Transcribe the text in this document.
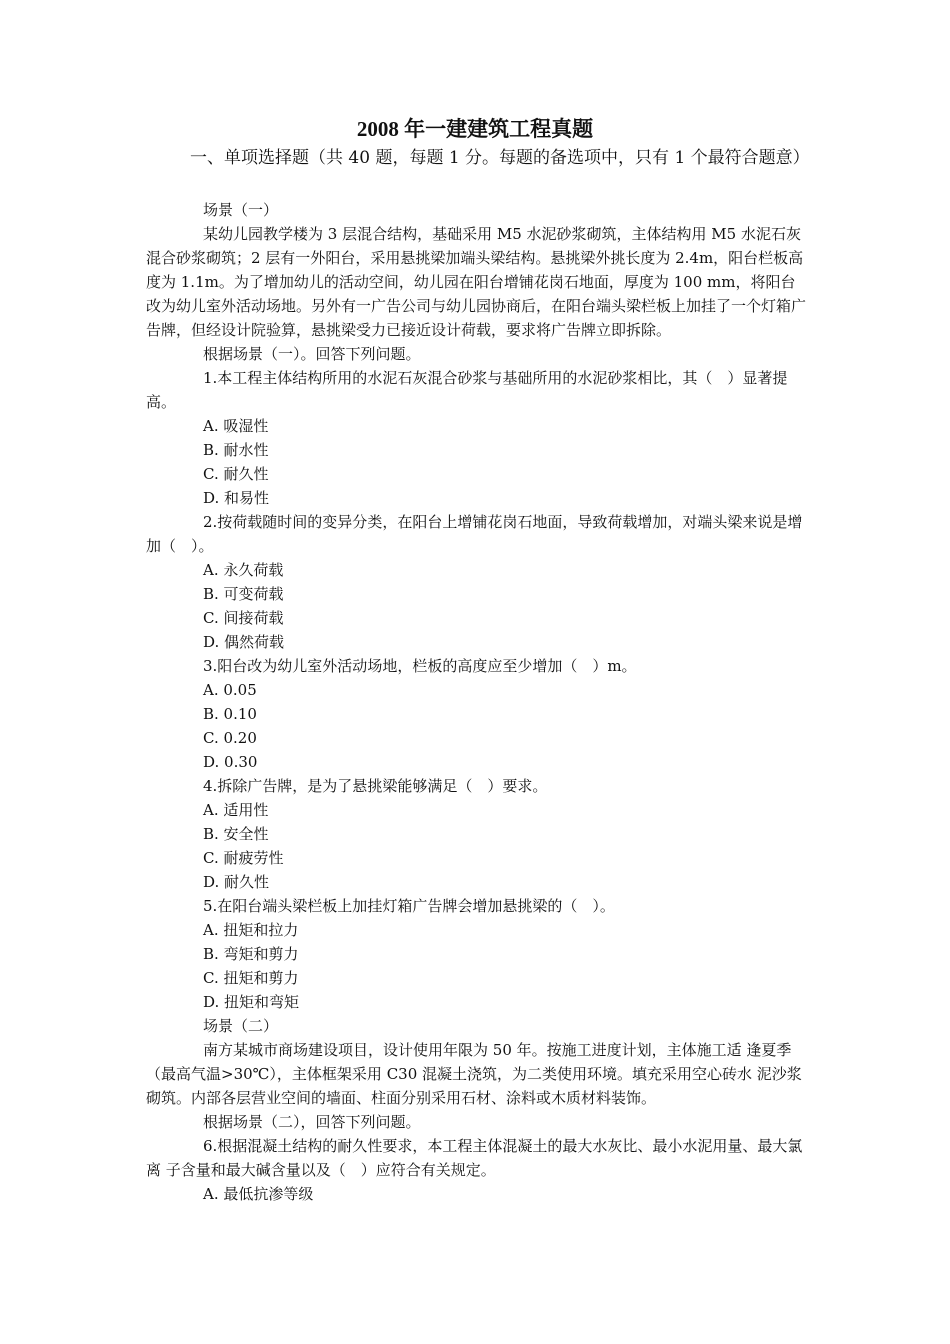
2008 年一建建筑工程真题
一、单项选择题（共 40 题，每题 1 分。每题的备选项中，只有 1 个最符合题意）

场景（一）

某幼儿园教学楼为 3 层混合结构，基础采用 M5 水泥砂浆砌筑，主体结构用 M5 水泥石灰混合砂浆砌筑；2 层有一外阳台，采用悬挑梁加端头梁结构。悬挑梁外挑长度为 2.4m，阳台栏板高度为 1.1m。为了增加幼儿的活动空间，幼儿园在阳台增铺花岗石地面，厚度为 100 mm，将阳台改为幼儿室外活动场地。另外有一广告公司与幼儿园协商后，在阳台端头梁栏板上加挂了一个灯箱广告牌，但经设计院验算，悬挑梁受力已接近设计荷载，要求将广告牌立即拆除。

根据场景（一）。回答下列问题。

1.本工程主体结构所用的水泥石灰混合砂浆与基础所用的水泥砂浆相比，其（　）显著提高。

A. 吸湿性

B. 耐水性

C. 耐久性

D. 和易性

2.按荷载随时间的变异分类，在阳台上增铺花岗石地面，导致荷载增加，对端头梁来说是增加（　）。

A. 永久荷载

B. 可变荷载

C. 间接荷载

D. 偶然荷载

3.阳台改为幼儿室外活动场地，栏板的高度应至少增加（　）m。

A. 0.05

B. 0.10

C. 0.20

D. 0.30

4.拆除广告牌，是为了悬挑梁能够满足（　）要求。

A. 适用性

B. 安全性

C. 耐疲劳性

D. 耐久性

5.在阳台端头梁栏板上加挂灯箱广告牌会增加悬挑梁的（　）。

A. 扭矩和拉力

B. 弯矩和剪力

C. 扭矩和剪力

D. 扭矩和弯矩

场景（二）

南方某城市商场建设项目，设计使用年限为 50 年。按施工进度计划，主体施工适 逢夏季（最高气温>30℃），主体框架采用 C30 混凝土浇筑，为二类使用环境。填充采用空心砖水 泥沙浆砌筑。内部各层营业空间的墙面、柱面分别采用石材、涂料或木质材料装饰。

根据场景（二），回答下列问题。

6.根据混凝土结构的耐久性要求，本工程主体混凝土的最大水灰比、最小水泥用量、最大氯离 子含量和最大碱含量以及（　）应符合有关规定。

A. 最低抗渗等级
